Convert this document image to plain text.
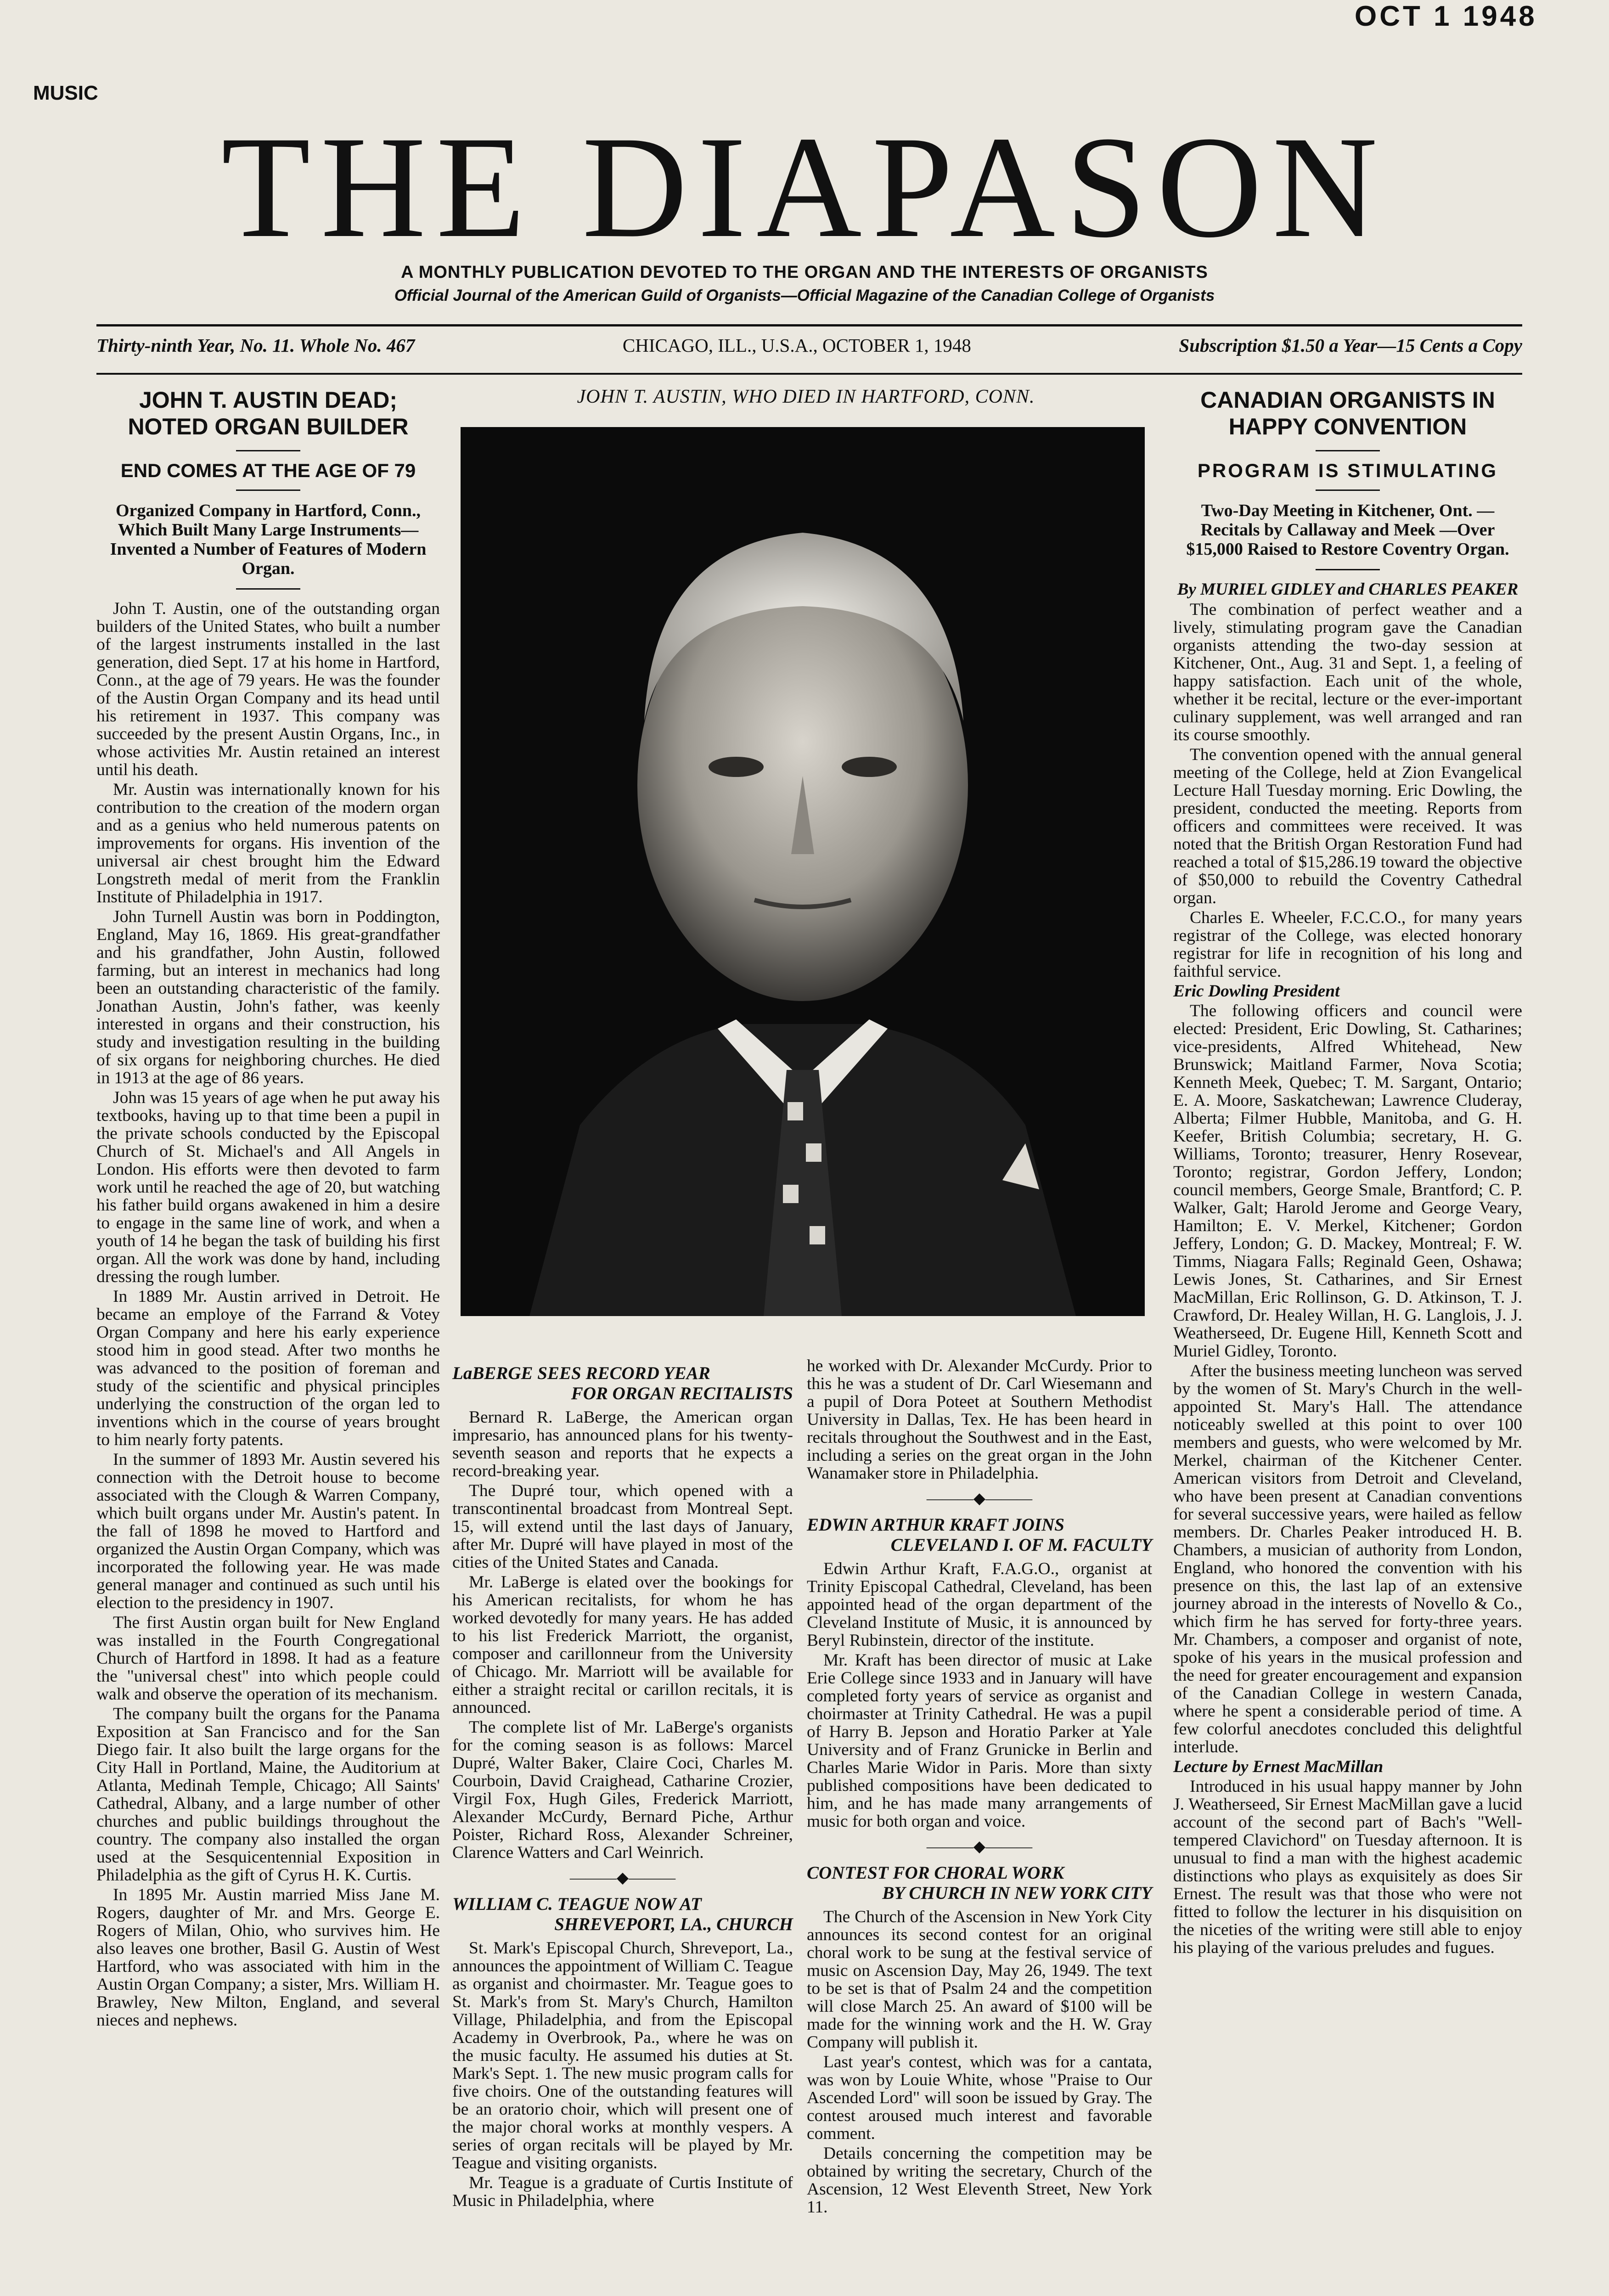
OCT 1 1948
MUSIC
THE DIAPASON
A MONTHLY PUBLICATION DEVOTED TO THE ORGAN AND THE INTERESTS OF ORGANISTS
Official Journal of the American Guild of Organists—Official Magazine of the Canadian College of Organists
Thirty-ninth Year, No. 11. Whole No. 467	CHICAGO, ILL., U.S.A., OCTOBER 1, 1948	Subscription $1.50 a Year—15 Cents a Copy

JOHN T. AUSTIN DEAD; NOTED ORGAN BUILDER

END COMES AT THE AGE OF 79

Organized Company in Hartford, Conn., Which Built Many Large Instruments—Invented a Number of Features of Modern Organ.

John T. Austin, one of the outstanding organ builders of the United States, who built a number of the largest instruments installed in the last generation, died Sept. 17 at his home in Hartford, Conn., at the age of 79 years. He was the founder of the Austin Organ Company and its head until his retirement in 1937. This company was succeeded by the present Austin Organs, Inc., in whose activities Mr. Austin retained an interest until his death.

Mr. Austin was internationally known for his contribution to the creation of the modern organ and as a genius who held numerous patents on improvements for organs. His invention of the universal air chest brought him the Edward Longstreth medal of merit from the Franklin Institute of Philadelphia in 1917.

John Turnell Austin was born in Poddington, England, May 16, 1869. His great-grandfather and his grandfather, John Austin, followed farming, but an interest in mechanics had long been an outstanding characteristic of the family. Jonathan Austin, John's father, was keenly interested in organs and their construction, his study and investigation resulting in the building of six organs for neighboring churches. He died in 1913 at the age of 86 years.

John was 15 years of age when he put away his textbooks, having up to that time been a pupil in the private schools conducted by the Episcopal Church of St. Michael's and All Angels in London. His efforts were then devoted to farm work until he reached the age of 20, but watching his father build organs awakened in him a desire to engage in the same line of work, and when a youth of 14 he began the task of building his first organ. All the work was done by hand, including dressing the rough lumber.

In 1889 Mr. Austin arrived in Detroit. He became an employe of the Farrand & Votey Organ Company and here his early experience stood him in good stead. After two months he was advanced to the position of foreman and study of the scientific and physical principles underlying the construction of the organ led to inventions which in the course of years brought to him nearly forty patents.

In the summer of 1893 Mr. Austin severed his connection with the Detroit house to become associated with the Clough & Warren Company, which built organs under Mr. Austin's patent. In the fall of 1898 he moved to Hartford and organized the Austin Organ Company, which was incorporated the following year. He was made general manager and continued as such until his election to the presidency in 1907.

The first Austin organ built for New England was installed in the Fourth Congregational Church of Hartford in 1898. It had as a feature the "universal chest" into which people could walk and observe the operation of its mechanism.

The company built the organs for the Panama Exposition at San Francisco and for the San Diego fair. It also built the large organs for the City Hall in Portland, Maine, the Auditorium at Atlanta, Medinah Temple, Chicago; All Saints' Cathedral, Albany, and a large number of other churches and public buildings throughout the country. The company also installed the organ used at the Sesquicentennial Exposition in Philadelphia as the gift of Cyrus H. K. Curtis.

In 1895 Mr. Austin married Miss Jane M. Rogers, daughter of Mr. and Mrs. George E. Rogers of Milan, Ohio, who survives him. He also leaves one brother, Basil G. Austin of West Hartford, who was associated with him in the Austin Organ Company; a sister, Mrs. William H. Brawley, New Milton, England, and several nieces and nephews.

JOHN T. AUSTIN, WHO DIED IN HARTFORD, CONN.
LaBERGE SEES RECORD YEAR
FOR ORGAN RECITALISTS

Bernard R. LaBerge, the American organ impresario, has announced plans for his twenty-seventh season and reports that he expects a record-breaking year.

The Dupré tour, which opened with a transcontinental broadcast from Montreal Sept. 15, will extend until the last days of January, after Mr. Dupré will have played in most of the cities of the United States and Canada.

Mr. LaBerge is elated over the bookings for his American recitalists, for whom he has worked devotedly for many years. He has added to his list Frederick Marriott, the organist, composer and carillonneur from the University of Chicago. Mr. Marriott will be available for either a straight recital or carillon recitals, it is announced.

The complete list of Mr. LaBerge's organists for the coming season is as follows: Marcel Dupré, Walter Baker, Claire Coci, Charles M. Courboin, David Craighead, Catharine Crozier, Virgil Fox, Hugh Giles, Frederick Marriott, Alexander McCurdy, Bernard Piche, Arthur Poister, Richard Ross, Alexander Schreiner, Clarence Watters and Carl Weinrich.

———◆———
WILLIAM C. TEAGUE NOW AT
SHREVEPORT, LA., CHURCH

St. Mark's Episcopal Church, Shreveport, La., announces the appointment of William C. Teague as organist and choirmaster. Mr. Teague goes to St. Mark's from St. Mary's Church, Hamilton Village, Philadelphia, and from the Episcopal Academy in Overbrook, Pa., where he was on the music faculty. He assumed his duties at St. Mark's Sept. 1. The new music program calls for five choirs. One of the outstanding features will be an oratorio choir, which will present one of the major choral works at monthly vespers. A series of organ recitals will be played by Mr. Teague and visiting organists.

Mr. Teague is a graduate of Curtis Institute of Music in Philadelphia, where

he worked with Dr. Alexander McCurdy. Prior to this he was a student of Dr. Carl Wiesemann and a pupil of Dora Poteet at Southern Methodist University in Dallas, Tex. He has been heard in recitals throughout the Southwest and in the East, including a series on the great organ in the John Wanamaker store in Philadelphia.

———◆———
EDWIN ARTHUR KRAFT JOINS
CLEVELAND I. OF M. FACULTY

Edwin Arthur Kraft, F.A.G.O., organist at Trinity Episcopal Cathedral, Cleveland, has been appointed head of the organ department of the Cleveland Institute of Music, it is announced by Beryl Rubinstein, director of the institute.

Mr. Kraft has been director of music at Lake Erie College since 1933 and in January will have completed forty years of service as organist and choirmaster at Trinity Cathedral. He was a pupil of Harry B. Jepson and Horatio Parker at Yale University and of Franz Grunicke in Berlin and Charles Marie Widor in Paris. More than sixty published compositions have been dedicated to him, and he has made many arrangements of music for both organ and voice.

———◆———
CONTEST FOR CHORAL WORK
BY CHURCH IN NEW YORK CITY

The Church of the Ascension in New York City announces its second contest for an original choral work to be sung at the festival service of music on Ascension Day, May 26, 1949. The text to be set is that of Psalm 24 and the competition will close March 25. An award of $100 will be made for the winning work and the H. W. Gray Company will publish it.

Last year's contest, which was for a cantata, was won by Louie White, whose "Praise to Our Ascended Lord" will soon be issued by Gray. The contest aroused much interest and favorable comment.

Details concerning the competition may be obtained by writing the secretary, Church of the Ascension, 12 West Eleventh Street, New York 11.

CANADIAN ORGANISTS IN HAPPY CONVENTION

PROGRAM IS STIMULATING

Two-Day Meeting in Kitchener, Ont. —Recitals by Callaway and Meek —Over $15,000 Raised to Restore Coventry Organ.

By MURIEL GIDLEY and CHARLES PEAKER

The combination of perfect weather and a lively, stimulating program gave the Canadian organists attending the two-day session at Kitchener, Ont., Aug. 31 and Sept. 1, a feeling of happy satisfaction. Each unit of the whole, whether it be recital, lecture or the ever-important culinary supplement, was well arranged and ran its course smoothly.

The convention opened with the annual general meeting of the College, held at Zion Evangelical Lecture Hall Tuesday morning. Eric Dowling, the president, conducted the meeting. Reports from officers and committees were received. It was noted that the British Organ Restoration Fund had reached a total of $15,286.19 toward the objective of $50,000 to rebuild the Coventry Cathedral organ.

Charles E. Wheeler, F.C.C.O., for many years registrar of the College, was elected honorary registrar for life in recognition of his long and faithful service.

Eric Dowling President

The following officers and council were elected: President, Eric Dowling, St. Catharines; vice-presidents, Alfred Whitehead, New Brunswick; Maitland Farmer, Nova Scotia; Kenneth Meek, Quebec; T. M. Sargant, Ontario; E. A. Moore, Saskatchewan; Lawrence Cluderay, Alberta; Filmer Hubble, Manitoba, and G. H. Keefer, British Columbia; secretary, H. G. Williams, Toronto; treasurer, Henry Rosevear, Toronto; registrar, Gordon Jeffery, London; council members, George Smale, Brantford; C. P. Walker, Galt; Harold Jerome and George Veary, Hamilton; E. V. Merkel, Kitchener; Gordon Jeffery, London; G. D. Mackey, Montreal; F. W. Timms, Niagara Falls; Reginald Geen, Oshawa; Lewis Jones, St. Catharines, and Sir Ernest MacMillan, Eric Rollinson, G. D. Atkinson, T. J. Crawford, Dr. Healey Willan, H. G. Langlois, J. J. Weatherseed, Dr. Eugene Hill, Kenneth Scott and Muriel Gidley, Toronto.

After the business meeting luncheon was served by the women of St. Mary's Church in the well-appointed St. Mary's Hall. The attendance noticeably swelled at this point to over 100 members and guests, who were welcomed by Mr. Merkel, chairman of the Kitchener Center. American visitors from Detroit and Cleveland, who have been present at Canadian conventions for several successive years, were hailed as fellow members. Dr. Charles Peaker introduced H. B. Chambers, a musician of authority from London, England, who honored the convention with his presence on this, the last lap of an extensive journey abroad in the interests of Novello & Co., which firm he has served for forty-three years. Mr. Chambers, a composer and organist of note, spoke of his years in the musical profession and the need for greater encouragement and expansion of the Canadian College in western Canada, where he spent a considerable period of time. A few colorful anecdotes concluded this delightful interlude.

Lecture by Ernest MacMillan

Introduced in his usual happy manner by John J. Weatherseed, Sir Ernest MacMillan gave a lucid account of the second part of Bach's "Well-tempered Clavichord" on Tuesday afternoon. It is unusual to find a man with the highest academic distinctions who plays as exquisitely as does Sir Ernest. The result was that those who were not fitted to follow the lecturer in his disquisition on the niceties of the writing were still able to enjoy his playing of the various preludes and fugues.
